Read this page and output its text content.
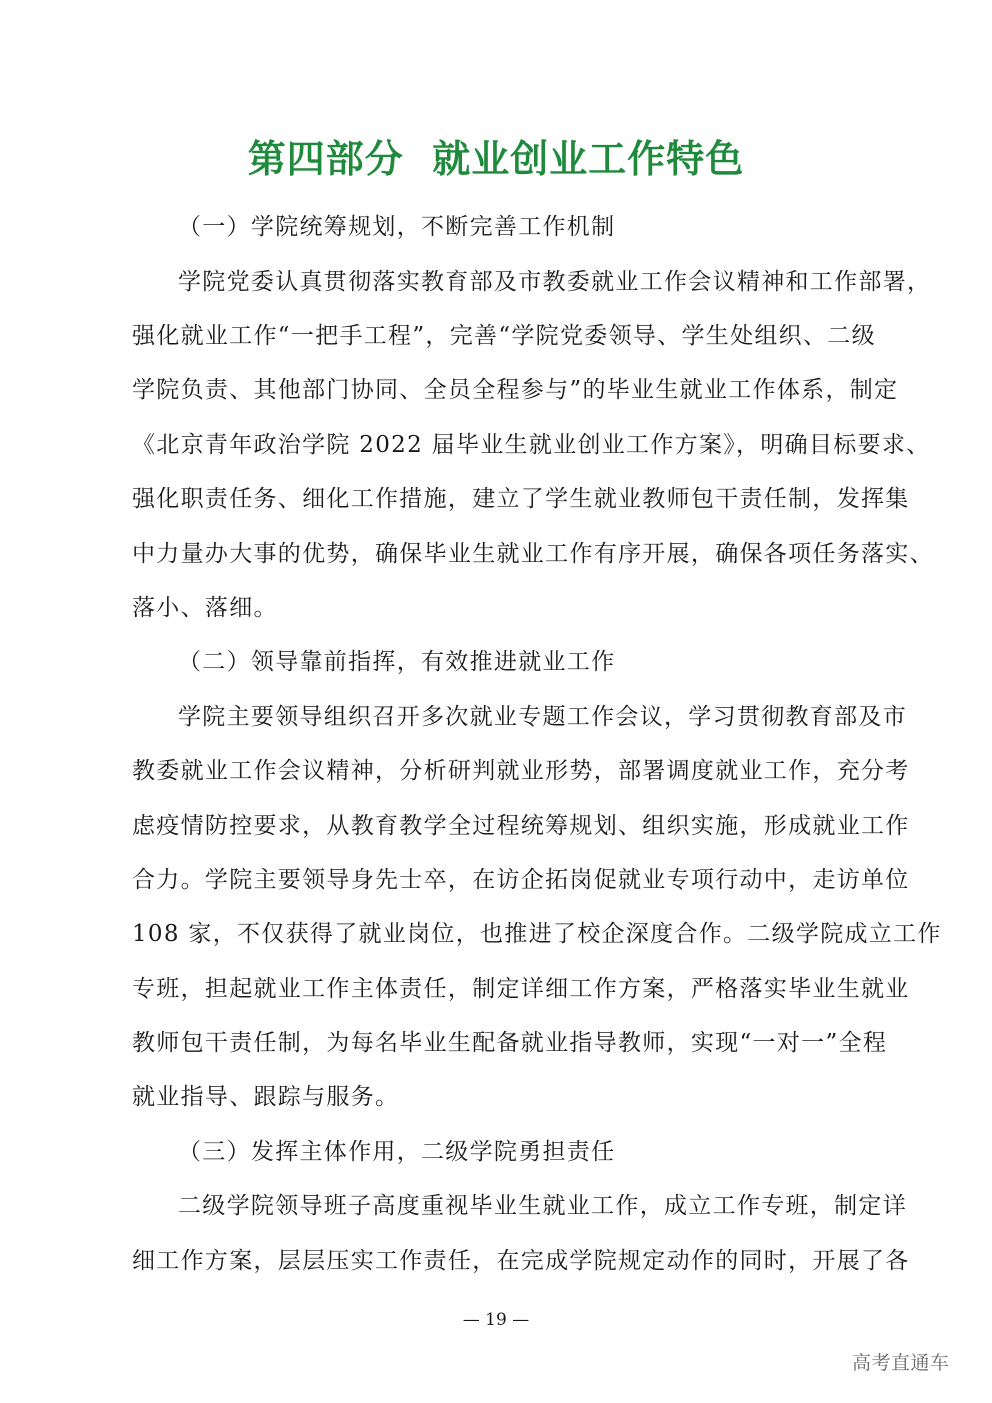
第四部分  就业创业工作特色
（一）学院统筹规划，不断完善工作机制
学院党委认真贯彻落实教育部及市教委就业工作会议精神和工作部署，
强化就业工作“一把手工程”，完善“学院党委领导、学生处组织、二级
学院负责、其他部门协同、全员全程参与”的毕业生就业工作体系，制定
《北京青年政治学院 2022 届毕业生就业创业工作方案》，明确目标要求、
强化职责任务、细化工作措施，建立了学生就业教师包干责任制，发挥集
中力量办大事的优势，确保毕业生就业工作有序开展，确保各项任务落实、
落小、落细。
（二）领导靠前指挥，有效推进就业工作
学院主要领导组织召开多次就业专题工作会议，学习贯彻教育部及市
教委就业工作会议精神，分析研判就业形势，部署调度就业工作，充分考
虑疫情防控要求，从教育教学全过程统筹规划、组织实施，形成就业工作
合力。学院主要领导身先士卒，在访企拓岗促就业专项行动中，走访单位
108 家，不仅获得了就业岗位，也推进了校企深度合作。二级学院成立工作
专班，担起就业工作主体责任，制定详细工作方案，严格落实毕业生就业
教师包干责任制，为每名毕业生配备就业指导教师，实现“一对一”全程
就业指导、跟踪与服务。
（三）发挥主体作用，二级学院勇担责任
二级学院领导班子高度重视毕业生就业工作，成立工作专班，制定详
细工作方案，层层压实工作责任，在完成学院规定动作的同时，开展了各
— 19 —
高考直通车
